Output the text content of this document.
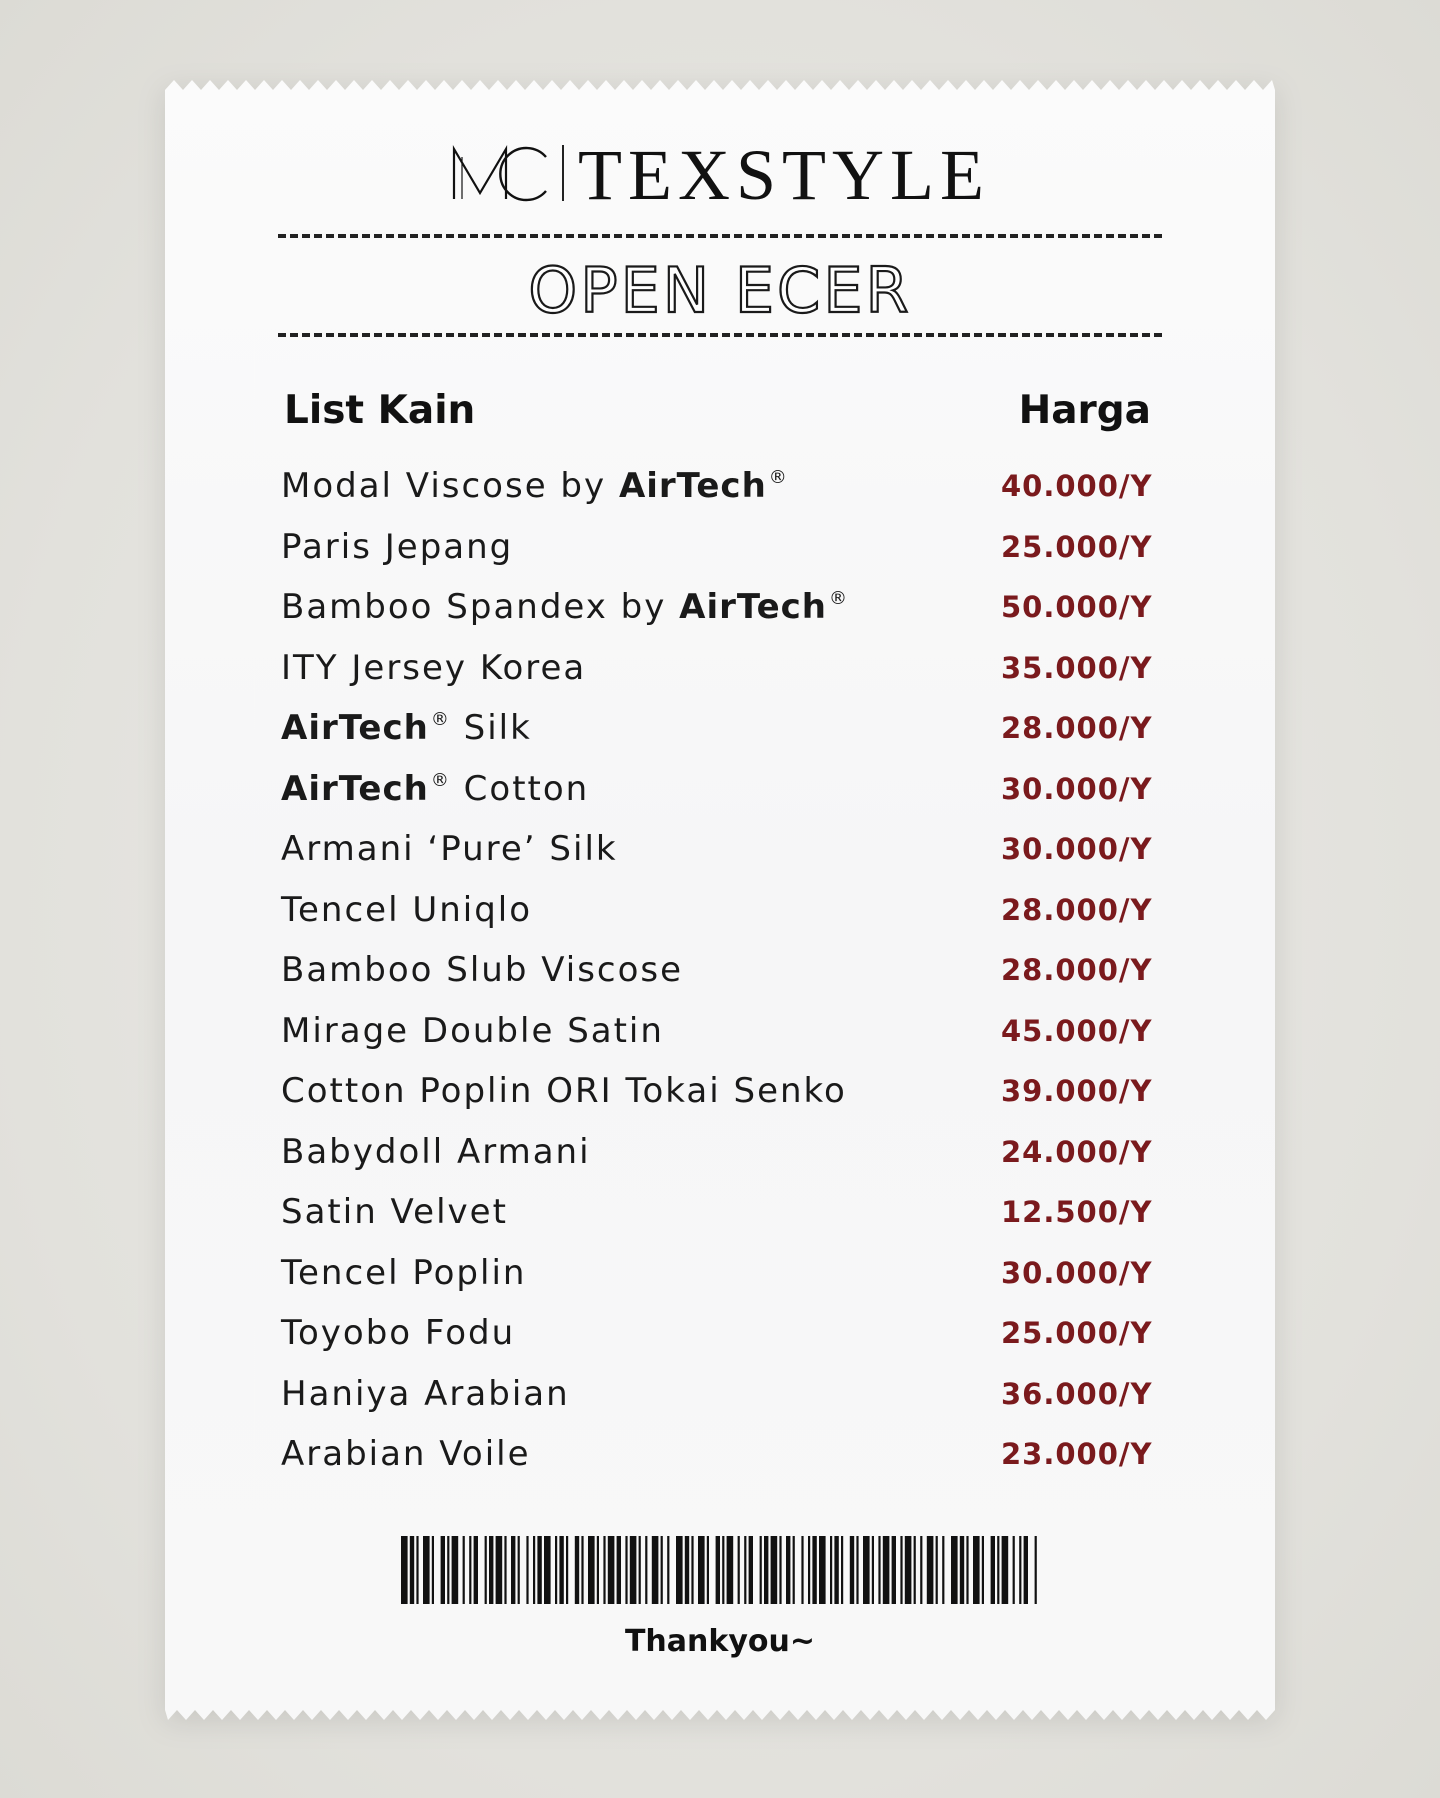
TEXSTYLE
OPEN ECER
List Kain	Harga
Modal Viscose by AirTech ®	40.000/Y
Paris Jepang	25.000/Y
Bamboo Spandex by AirTech ®	50.000/Y
ITY Jersey Korea	35.000/Y
AirTech ® Silk	28.000/Y
AirTech ® Cotton	30.000/Y
Armani ‘Pure’ Silk	30.000/Y
Tencel Uniqlo	28.000/Y
Bamboo Slub Viscose	28.000/Y
Mirage Double Satin	45.000/Y
Cotton Poplin ORI Tokai Senko	39.000/Y
Babydoll Armani	24.000/Y
Satin Velvet	12.500/Y
Tencel Poplin	30.000/Y
Toyobo Fodu	25.000/Y
Haniya Arabian	36.000/Y
Arabian Voile	23.000/Y
Thankyou~
